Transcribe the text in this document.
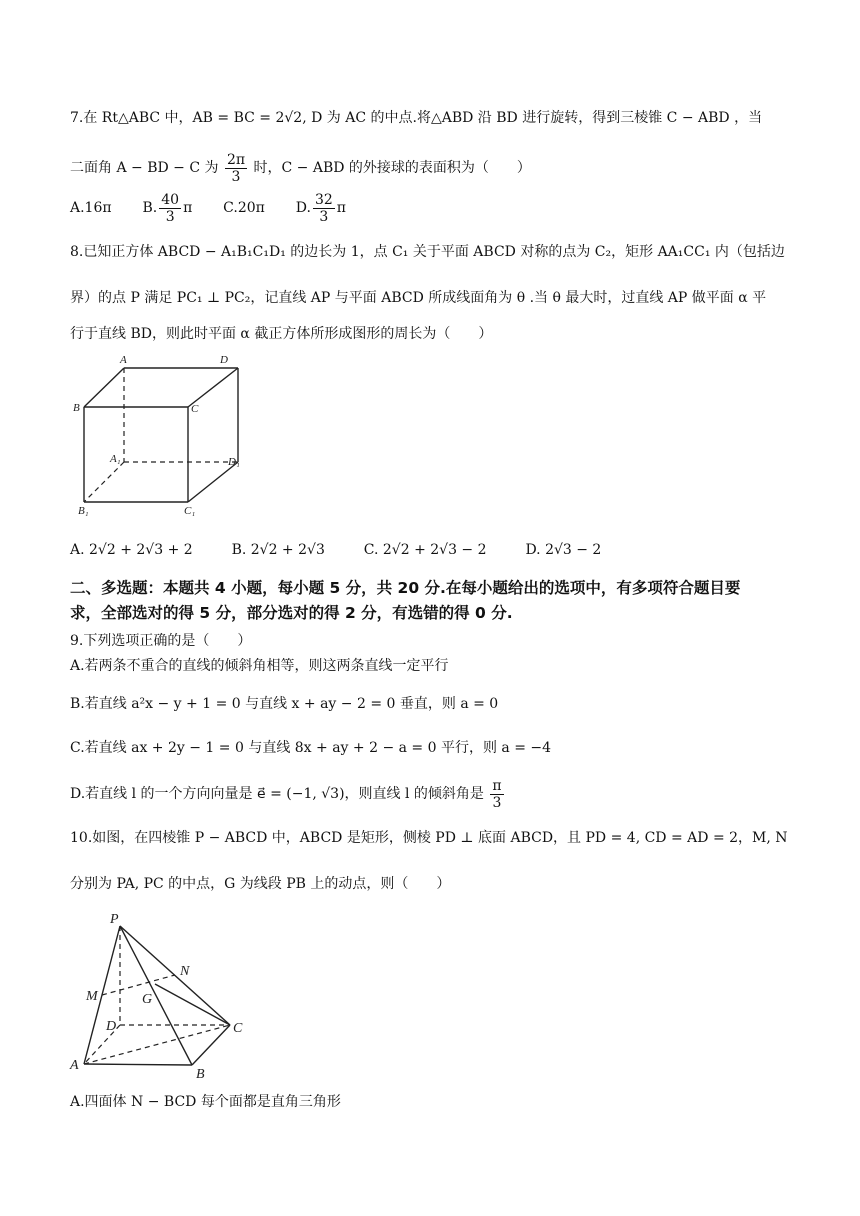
7.在 Rt△ABC 中，AB = BC = 2√2, D 为 AC 的中点.将△ABD 沿 BD 进行旋转，得到三棱锥 C − ABD ，当
二面角 A − BD − C 为 $\frac{2\pi}{3}$ 时，C − ABD 的外接球的表面积为（　　）
A.16π B. $\frac{40}{3}$ π C.20π D. $\frac{32}{3}$ π
8.已知正方体 ABCD − A₁B₁C₁D₁ 的边长为 1，点 C₁ 关于平面 ABCD 对称的点为 C₂，矩形 AA₁CC₁ 内（包括边
界）的点 P 满足 PC₁ ⊥ PC₂，记直线 AP 与平面 ABCD 所成线面角为 θ .当 θ 最大时，过直线 AP 做平面 α 平
行于直线 BD，则此时平面 α 截正方体所形成图形的周长为（　　）
A	D
B	C
A₁	D₁
B₁	C₁
A. 2√2 + 2√3 + 2	B. 2√2 + 2√3	C. 2√2 + 2√3 − 2	D. 2√3 − 2
二、多选题：本题共 4 小题，每小题 5 分，共 20 分.在每小题给出的选项中，有多项符合题目要
求，全部选对的得 5 分，部分选对的得 2 分，有选错的得 0 分.
9.下列选项正确的是（　　）
A.若两条不重合的直线的倾斜角相等，则这两条直线一定平行
B.若直线 a²x − y + 1 = 0 与直线 x + ay − 2 = 0 垂直，则 a = 0
C.若直线 ax + 2y − 1 = 0 与直线 8x + ay + 2 − a = 0 平行，则 a = −4
D.若直线 l 的一个方向向量是 e⃗ = (−1, √3)，则直线 l 的倾斜角是 $\frac{\pi}{3}$
10.如图，在四棱锥 P − ABCD 中，ABCD 是矩形，侧棱 PD ⊥ 底面 ABCD，且 PD = 4, CD = AD = 2，M, N
分别为 PA, PC 的中点，G 为线段 PB 上的动点，则（　　）
P
N
M	G
D	C
A
B
A.四面体 N − BCD 每个面都是直角三角形
